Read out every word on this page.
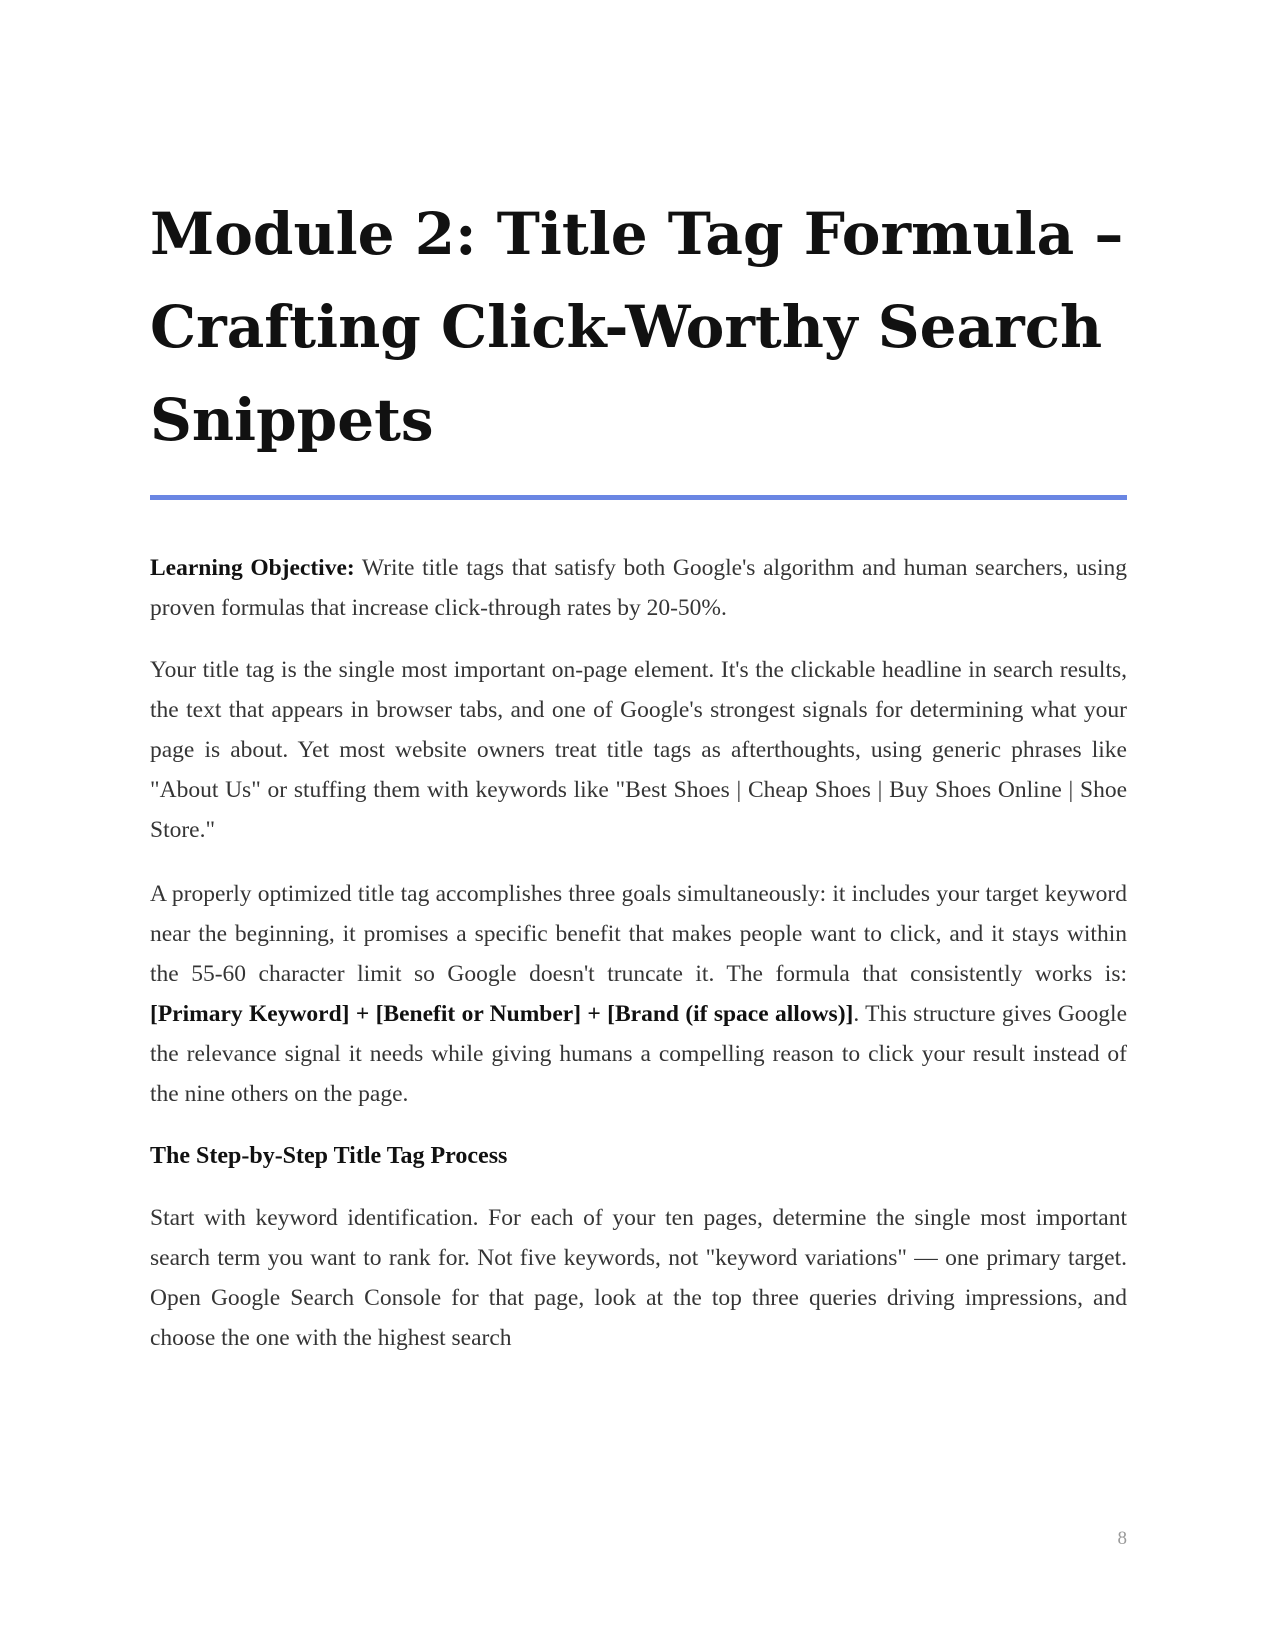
Module 2: Title Tag Formula – Crafting Click-Worthy Search Snippets

Learning Objective: Write title tags that satisfy both Google's algorithm and human searchers, using proven formulas that increase click-through rates by 20-50%.

Your title tag is the single most important on-page element. It's the clickable headline in search results, the text that appears in browser tabs, and one of Google's strongest signals for determining what your page is about. Yet most website owners treat title tags as afterthoughts, using generic phrases like "About Us" or stuffing them with keywords like "Best Shoes | Cheap Shoes | Buy Shoes Online | Shoe Store."

A properly optimized title tag accomplishes three goals simultaneously: it includes your target keyword near the beginning, it promises a specific benefit that makes people want to click, and it stays within the 55-60 character limit so Google doesn't truncate it. The formula that consistently works is: [Primary Keyword] + [Benefit or Number] + [Brand (if space allows)]. This structure gives Google the relevance signal it needs while giving humans a compelling reason to click your result instead of the nine others on the page.

The Step-by-Step Title Tag Process

Start with keyword identification. For each of your ten pages, determine the single most important search term you want to rank for. Not five keywords, not "keyword variations" — one primary target. Open Google Search Console for that page, look at the top three queries driving impressions, and choose the one with the highest search

8
